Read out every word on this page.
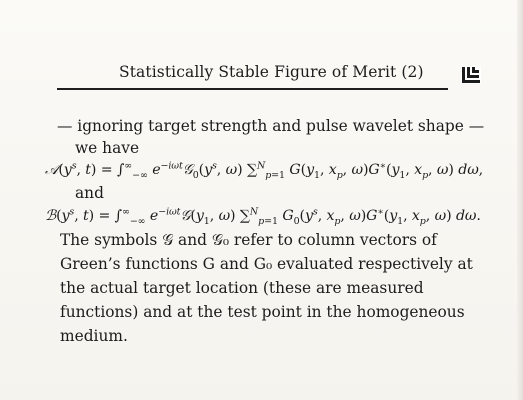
Statistically Stable Figure of Merit (2)
— ignoring target strength and pulse wavelet shape —
we have
$𝒜(y^s$, $t) = \int^\infty_{-\infty}$ $e^{-i\omega t}𝒢_0(y^s$, ω) ∑$^N_{p=1}$ $G(y_1$, $x_p$, $\omega)G^∗(y_1$, $x_p$, ω) dω,
and
$ℬ(y^s$, $t) = \int^\infty_{-\infty}$ $e^{-i\omega t}𝒢(y_1$, ω) ∑$^N_{p=1}$ $G_0(y^s$, $x_p$, $\omega)G^∗(y_1$, $x_p$, ω) dω.
The symbols 𝒢 and 𝒢₀ refer to column vectors of
Green’s functions G and G₀ evaluated respectively at
the actual target location (these are measured
functions) and at the test point in the homogeneous
medium.
